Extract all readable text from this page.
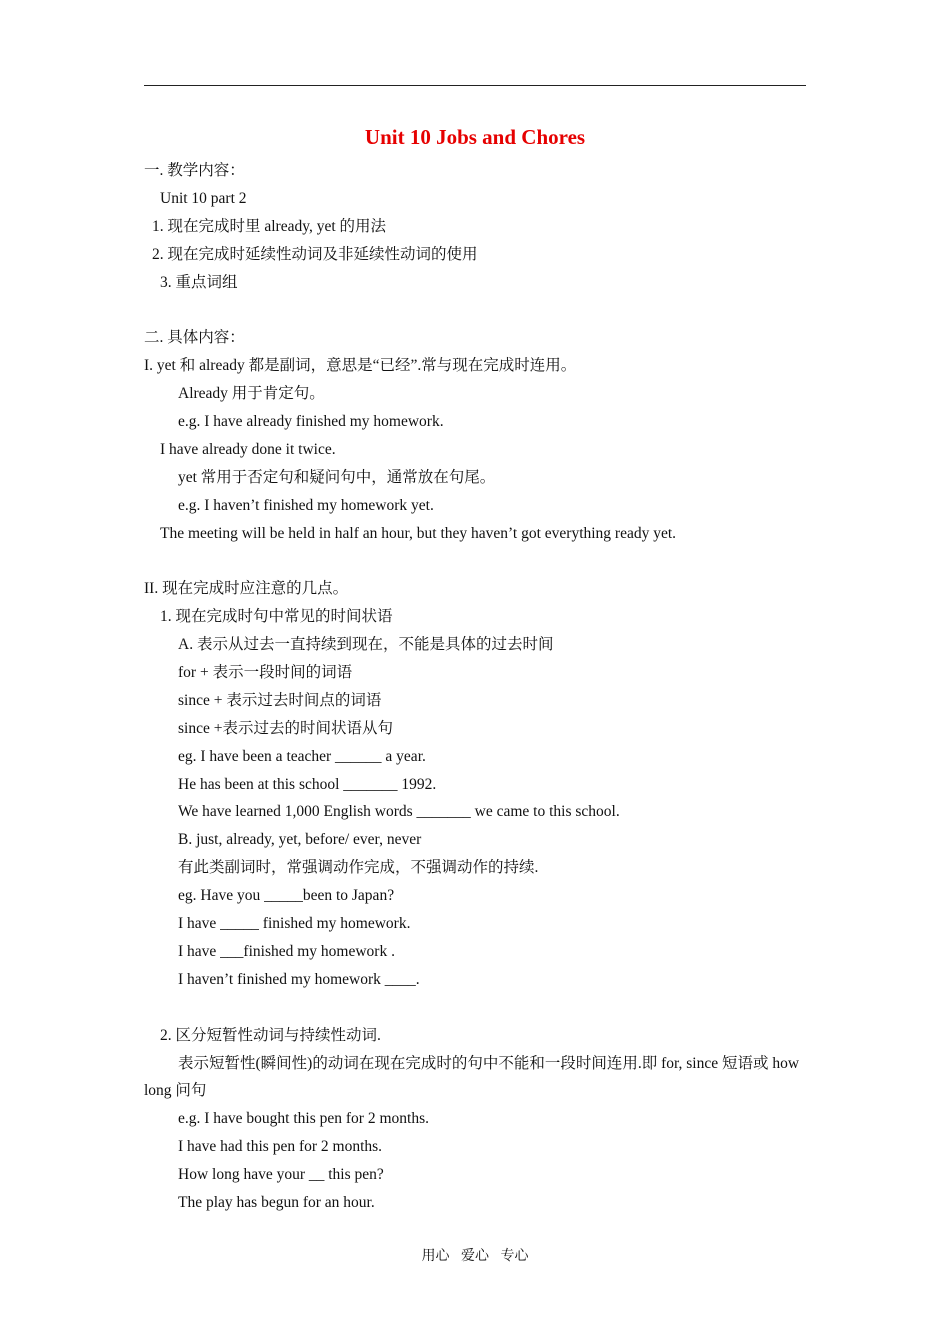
Unit 10 Jobs and Chores
一. 教学内容：
Unit 10 part 2
1. 现在完成时里 already, yet 的用法
2. 现在完成时延续性动词及非延续性动词的使用
3. 重点词组
二. 具体内容：
I. yet 和 already 都是副词，意思是“已经”.常与现在完成时连用。
Already 用于肯定句。
e.g. I have already finished my homework.
I have already done it twice.
yet 常用于否定句和疑问句中，通常放在句尾。
e.g. I haven’t finished my homework yet.
The meeting will be held in half an hour, but they haven’t got everything ready yet.
II. 现在完成时应注意的几点。
1. 现在完成时句中常见的时间状语
A. 表示从过去一直持续到现在，不能是具体的过去时间
for + 表示一段时间的词语
since + 表示过去时间点的词语
since +表示过去的时间状语从句
eg. I have been a teacher ______ a year.
He has been at this school _______ 1992.
We have learned 1,000 English words _______ we came to this school.
B. just, already, yet, before/ ever, never
有此类副词时，常强调动作完成，不强调动作的持续.
eg. Have you _____been to Japan?
I have _____ finished my homework.
I have ___finished my homework .
I haven’t finished my homework ____.
2. 区分短暂性动词与持续性动词.
表示短暂性(瞬间性)的动词在现在完成时的句中不能和一段时间连用.即 for, since 短语或 how long 问句
e.g. I have bought this pen for 2 months.
I have had this pen for 2 months.
How long have your __ this pen?
The play has begun for an hour.
用心 爱心 专心
